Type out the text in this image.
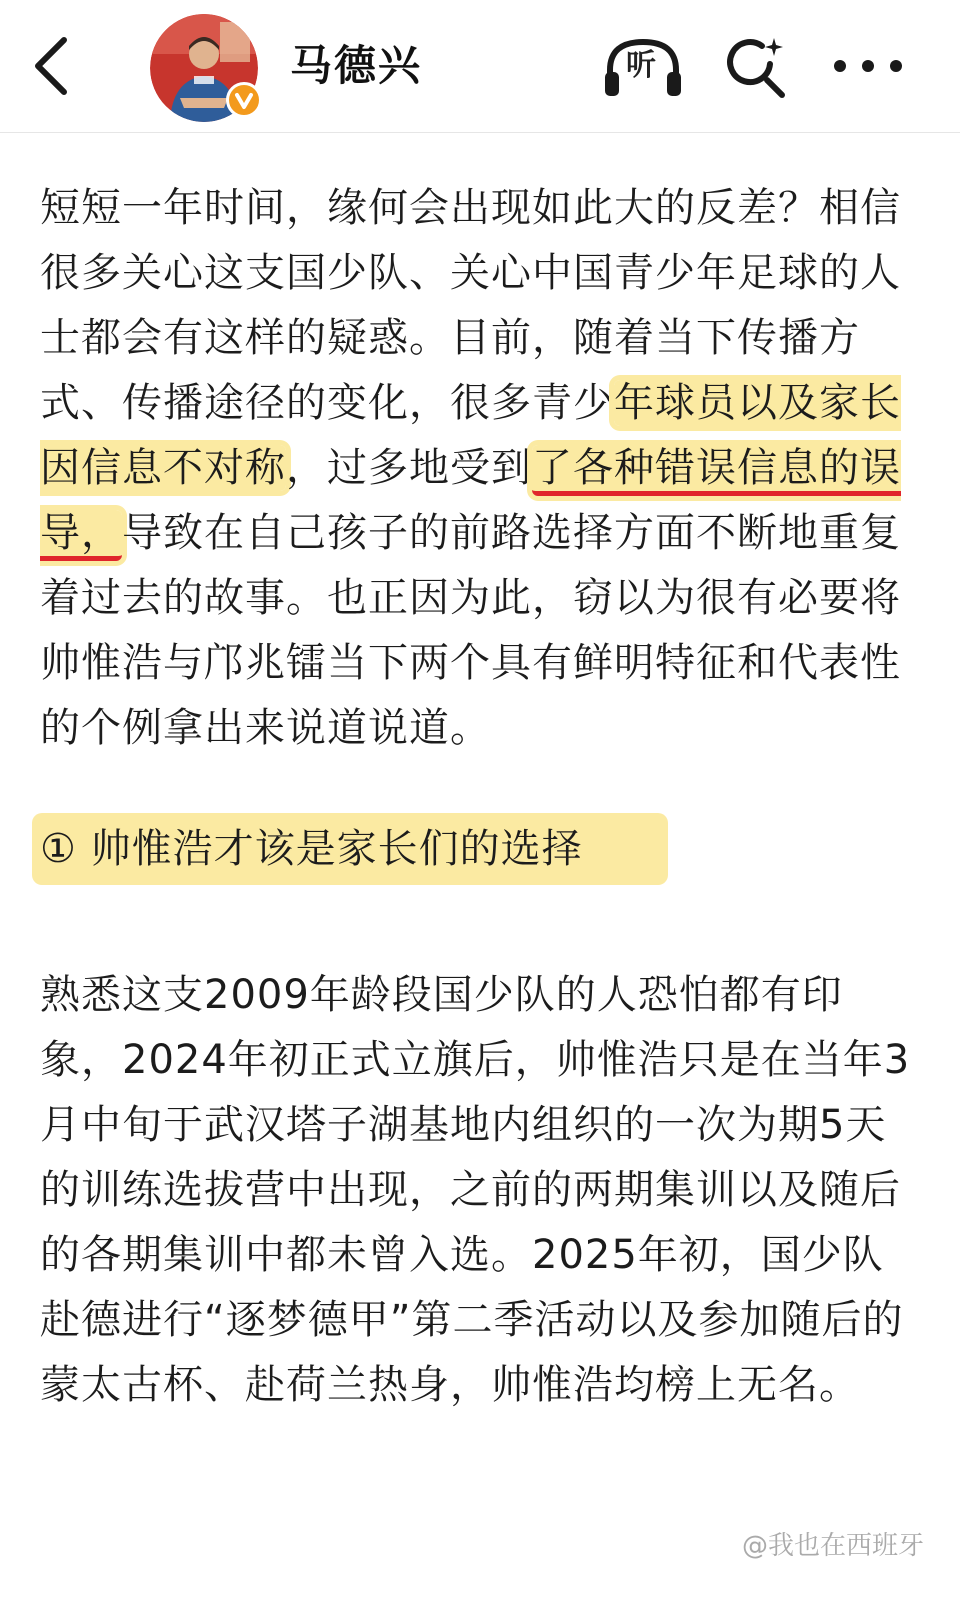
马德兴	听

短短一年时间，缘何会出现如此大的反差？相信很多关心这支国少队、关心中国青少年足球的人士都会有这样的疑惑。目前，随着当下传播方式、传播途径的变化，很多青少年球员以及家长因信息不对称，过多地受到了各种错误信息的误导，导致在自己孩子的前路选择方面不断地重复着过去的故事。也正因为此，窃以为很有必要将帅惟浩与邝兆镭当下两个具有鲜明特征和代表性的个例拿出来说道说道。

① 帅惟浩才该是家长们的选择

熟悉这支2009年龄段国少队的人恐怕都有印象，2024年初正式立旗后，帅惟浩只是在当年3月中旬于武汉塔子湖基地内组织的一次为期5天的训练选拔营中出现，之前的两期集训以及随后的各期集训中都未曾入选。2025年初，国少队赴德进行“逐梦德甲”第二季活动以及参加随后的蒙太古杯、赴荷兰热身，帅惟浩均榜上无名。

@我也在西班牙
